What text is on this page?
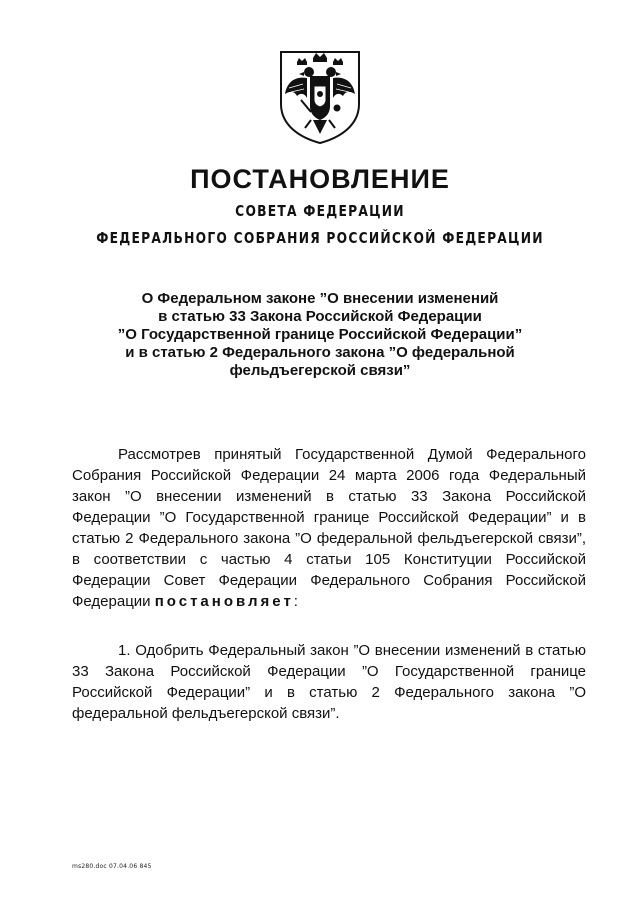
ПОСТАНОВЛЕНИЕ
СОВЕТА ФЕДЕРАЦИИ
ФЕДЕРАЛЬНОГО СОБРАНИЯ РОССИЙСКОЙ ФЕДЕРАЦИИ
О Федеральном законе ”О внесении изменений
в статью 33 Закона Российской Федерации
”О Государственной границе Российской Федерации”
и в статью 2 Федерального закона ”О федеральной
фельдъегерской связи”

Рассмотрев принятый Государственной Думой Федерального Собрания Российской Федерации 24 марта 2006 года Федеральный закон ”О внесении изменений в статью 33 Закона Российской Федерации ”О Государственной границе Российской Федерации” и в статью 2 Федерального закона ”О федеральной фельдъегерской связи”, в соответствии с частью 4 статьи 105 Конституции Российской Федерации Совет Федерации Федерального Собрания Российской Федерации постановляет:

1. Одобрить Федеральный закон ”О внесении изменений в статью 33 Закона Российской Федерации ”О Государственной границе Российской Федерации” и в статью 2 Федерального закона ”О федеральной фельдъегерской связи”.

ms280.doc 07.04.06 845
